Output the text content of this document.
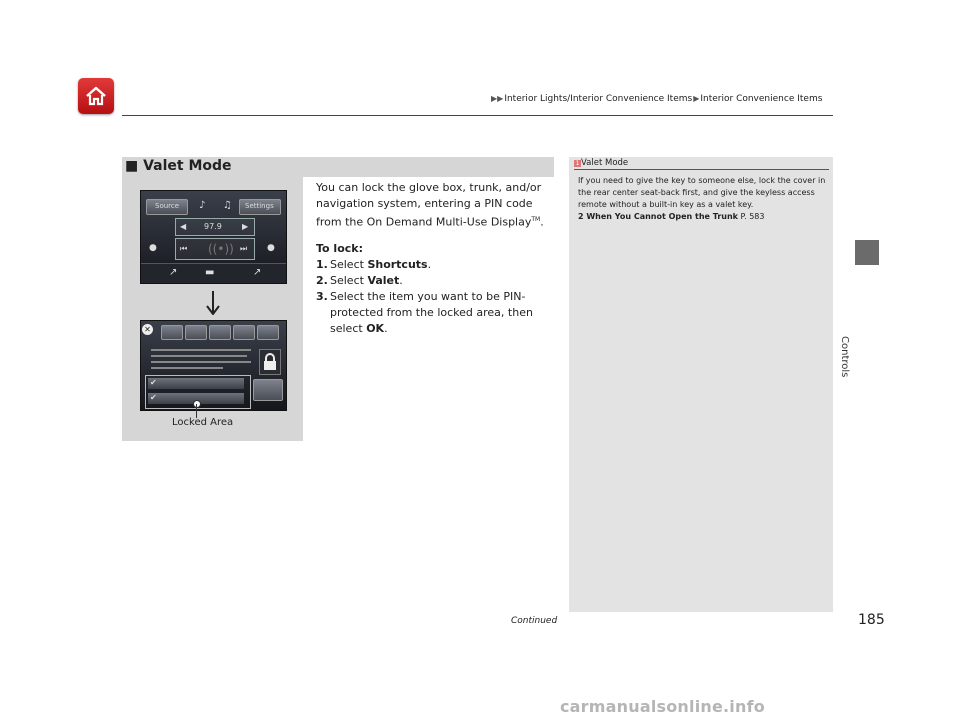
▶▶Interior Lights/Interior Convenience Items▶Interior Convenience Items
Controls
■ Valet Mode
Source ♪ ♫ Settings
◀ 97.9	▶
⏮ ((•)) ⏭
●	●
↗	▬	↗
✕
✔
✔
Locked Area

You can lock the glove box, trunk, and/or navigation system, entering a PIN code from the On Demand Multi-Use Display™.

To lock:

1. Select Shortcuts.

2. Select Valet.

3. Select the item you want to be PIN-protected from the locked area, then select OK.

1 Valet Mode

If you need to give the key to someone else, lock the cover in the rear center seat-back first, and give the keyless access remote without a built-in key as a valet key.

2 When You Cannot Open the Trunk P. 583

Continued	185
carmanualsonline.info
